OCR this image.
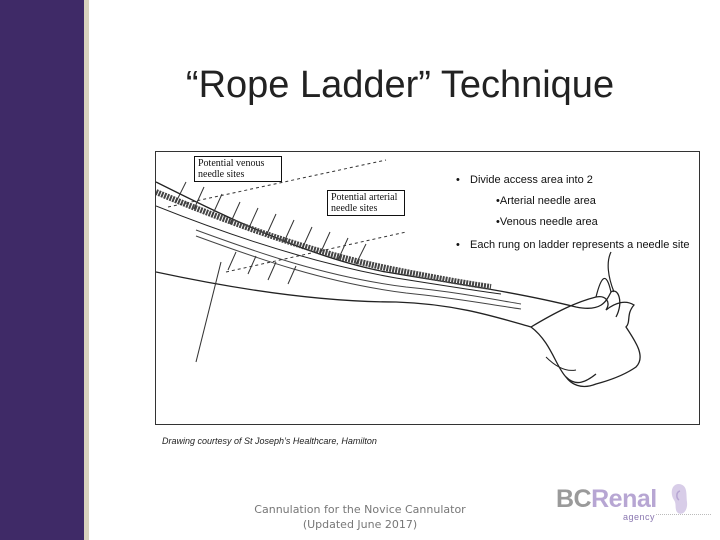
“Rope Ladder” Technique
Potential venous needle sites
Potential arterial needle sites
• Divide access area into 2
•Arterial needle area
•Venous needle area
• Each rung on ladder represents a needle site
Drawing courtesy of St Joseph’s Healthcare, Hamilton
Cannulation for the Novice Cannulator
(Updated June 2017)
BCRenal
agency
